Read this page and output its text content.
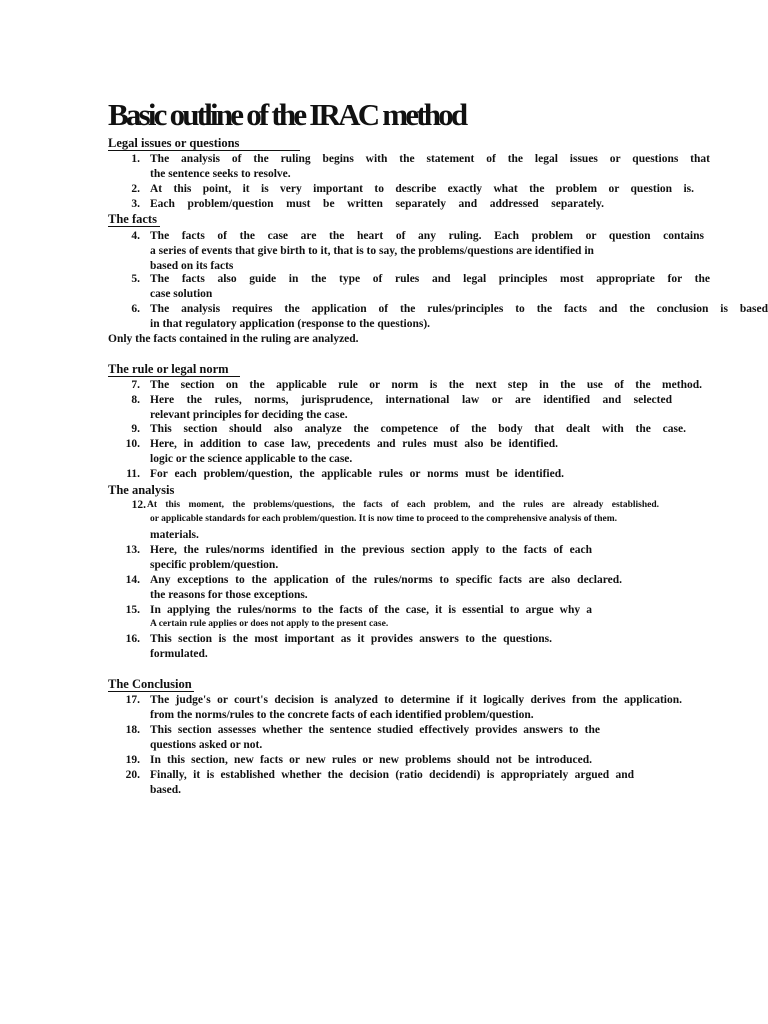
Basic outline of the IRAC method
Legal issues or questions
The facts
Only the facts contained in the ruling are analyzed.
The rule or legal norm
The analysis
The Conclusion
1. The analysis of the ruling begins with the statement of the legal issues or questions that
the sentence seeks to resolve.
2. At this point, it is very important to describe exactly what the problem or question is.
3. Each problem/question must be written separately and addressed separately.
4. The facts of the case are the heart of any ruling. Each problem or question contains
a series of events that give birth to it, that is to say, the problems/questions are identified in
based on its facts
5. The facts also guide in the type of rules and legal principles most appropriate for the
case solution
6. The analysis requires the application of the rules/principles to the facts and the conclusion is based
in that regulatory application (response to the questions).
7. The section on the applicable rule or norm is the next step in the use of the method.
8. Here the rules, norms, jurisprudence, international law or are identified and selected
relevant principles for deciding the case.
9. This section should also analyze the competence of the body that dealt with the case.
10. Here, in addition to case law, precedents and rules must also be identified.
logic or the science applicable to the case.
11. For each problem/question, the applicable rules or norms must be identified.
12. At this moment, the problems/questions, the facts of each problem, and the rules are already established.
or applicable standards for each problem/question. It is now time to proceed to the comprehensive analysis of them.
materials.
13. Here, the rules/norms identified in the previous section apply to the facts of each
specific problem/question.
14. Any exceptions to the application of the rules/norms to specific facts are also declared.
the reasons for those exceptions.
15. In applying the rules/norms to the facts of the case, it is essential to argue why a
A certain rule applies or does not apply to the present case.
16. This section is the most important as it provides answers to the questions.
formulated.
17. The judge's or court's decision is analyzed to determine if it logically derives from the application.
from the norms/rules to the concrete facts of each identified problem/question.
18. This section assesses whether the sentence studied effectively provides answers to the
questions asked or not.
19. In this section, new facts or new rules or new problems should not be introduced.
20. Finally, it is established whether the decision (ratio decidendi) is appropriately argued and
based.
